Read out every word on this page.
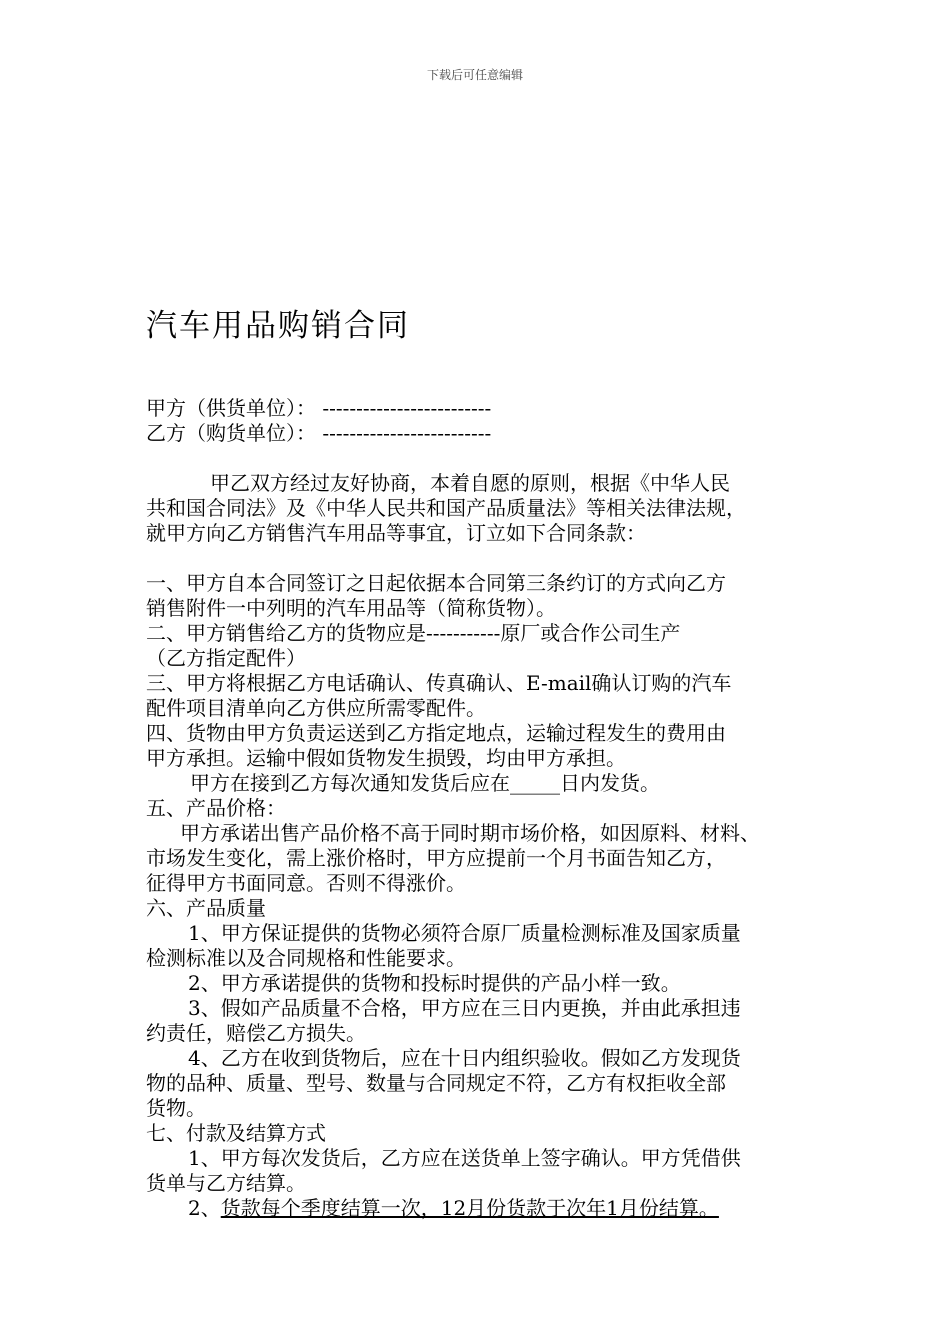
下载后可任意编辑
汽车用品购销合同
甲方（供货单位）： -------------------------
乙方（购货单位）： -------------------------
甲乙双方经过友好协商，本着自愿的原则，根据《中华人民
共和国合同法》及《中华人民共和国产品质量法》等相关法律法规，
就甲方向乙方销售汽车用品等事宜，订立如下合同条款：
一、甲方自本合同签订之日起依据本合同第三条约订的方式向乙方
销售附件一中列明的汽车用品等（简称货物）。
二、甲方销售给乙方的货物应是-----------原厂或合作公司生产
（乙方指定配件）
三、甲方将根据乙方电话确认、传真确认、E-mail确认订购的汽车
配件项目清单向乙方供应所需零配件。
四、货物由甲方负责运送到乙方指定地点，运输过程发生的费用由
甲方承担。运输中假如货物发生损毁，均由甲方承担。
甲方在接到乙方每次通知发货后应在_____日内发货。
五、产品价格：
甲方承诺出售产品价格不高于同时期市场价格，如因原料、材料、
市场发生变化，需上涨价格时，甲方应提前一个月书面告知乙方，
征得甲方书面同意。否则不得涨价。
六、产品质量
1、甲方保证提供的货物必须符合原厂质量检测标准及国家质量
检测标准以及合同规格和性能要求。
2、甲方承诺提供的货物和投标时提供的产品小样一致。
3、假如产品质量不合格，甲方应在三日内更换，并由此承担违
约责任，赔偿乙方损失。
4、乙方在收到货物后，应在十日内组织验收。假如乙方发现货
物的品种、质量、型号、数量与合同规定不符，乙方有权拒收全部
货物。
七、付款及结算方式
1、甲方每次发货后，乙方应在送货单上签字确认。甲方凭借供
货单与乙方结算。
2、货款每个季度结算一次，12月份货款于次年1月份结算。
